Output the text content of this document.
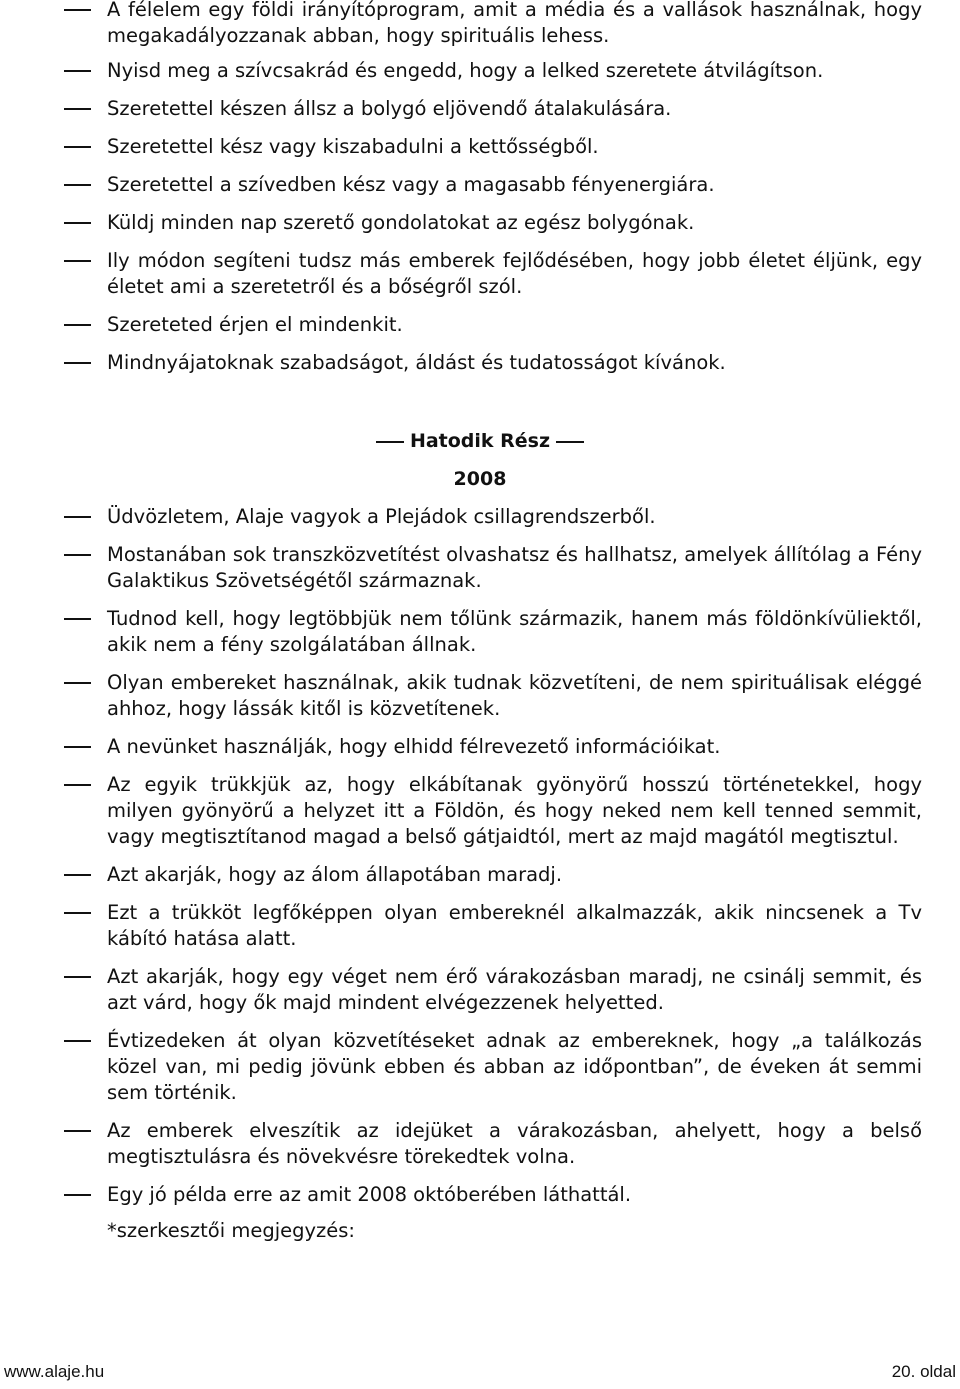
A félelem egy földi irányítóprogram, amit a média és a vallások használnak, hogy megakadályozzanak abban, hogy spirituális lehess.
Nyisd meg a szívcsakrád és engedd, hogy a lelked szeretete átvilágítson.
Szeretettel készen állsz a bolygó eljövendő átalakulására.
Szeretettel kész vagy kiszabadulni a kettősségből.
Szeretettel a szívedben kész vagy a magasabb fényenergiára.
Küldj minden nap szerető gondolatokat az egész bolygónak.
Ily módon segíteni tudsz más emberek fejlődésében, hogy jobb életet éljünk, egy életet ami a szeretetről és a bőségről szól.
Szereteted érjen el mindenkit.
Mindnyájatoknak szabadságot, áldást és tudatosságot kívánok.
Hatodik Rész
2008
Üdvözletem, Alaje vagyok a Plejádok csillagrendszerből.
Mostanában sok transzközvetítést olvashatsz és hallhatsz, amelyek állítólag a Fény Galaktikus Szövetségétől származnak.
Tudnod kell, hogy legtöbbjük nem tőlünk származik, hanem más földönkívüliektől, akik nem a fény szolgálatában állnak.
Olyan embereket használnak, akik tudnak közvetíteni, de nem spirituálisak eléggé ahhoz, hogy lássák kitől is közvetítenek.
A nevünket használják, hogy elhidd félrevezető információikat.
Az egyik trükkjük az, hogy elkábítanak gyönyörű hosszú történetekkel, hogy milyen gyönyörű a helyzet itt a Földön, és hogy neked nem kell tenned semmit, vagy megtisztítanod magad a belső gátjaidtól, mert az majd magától megtisztul.
Azt akarják, hogy az álom állapotában maradj.
Ezt a trükköt legfőképpen olyan embereknél alkalmazzák, akik nincsenek a Tv kábító hatása alatt.
Azt akarják, hogy egy véget nem érő várakozásban maradj, ne csinálj semmit, és azt várd, hogy ők majd mindent elvégezzenek helyetted.
Évtizedeken át olyan közvetítéseket adnak az embereknek, hogy „a találkozás közel van, mi pedig jövünk ebben és abban az időpontban”, de éveken át semmi sem történik.
Az emberek elveszítik az idejüket a várakozásban, ahelyett, hogy a belső megtisztulásra és növekvésre törekedtek volna.
Egy jó példa erre az amit 2008 októberében láthattál.
*szerkesztői megjegyzés:
www.alaje.hu	20. oldal
